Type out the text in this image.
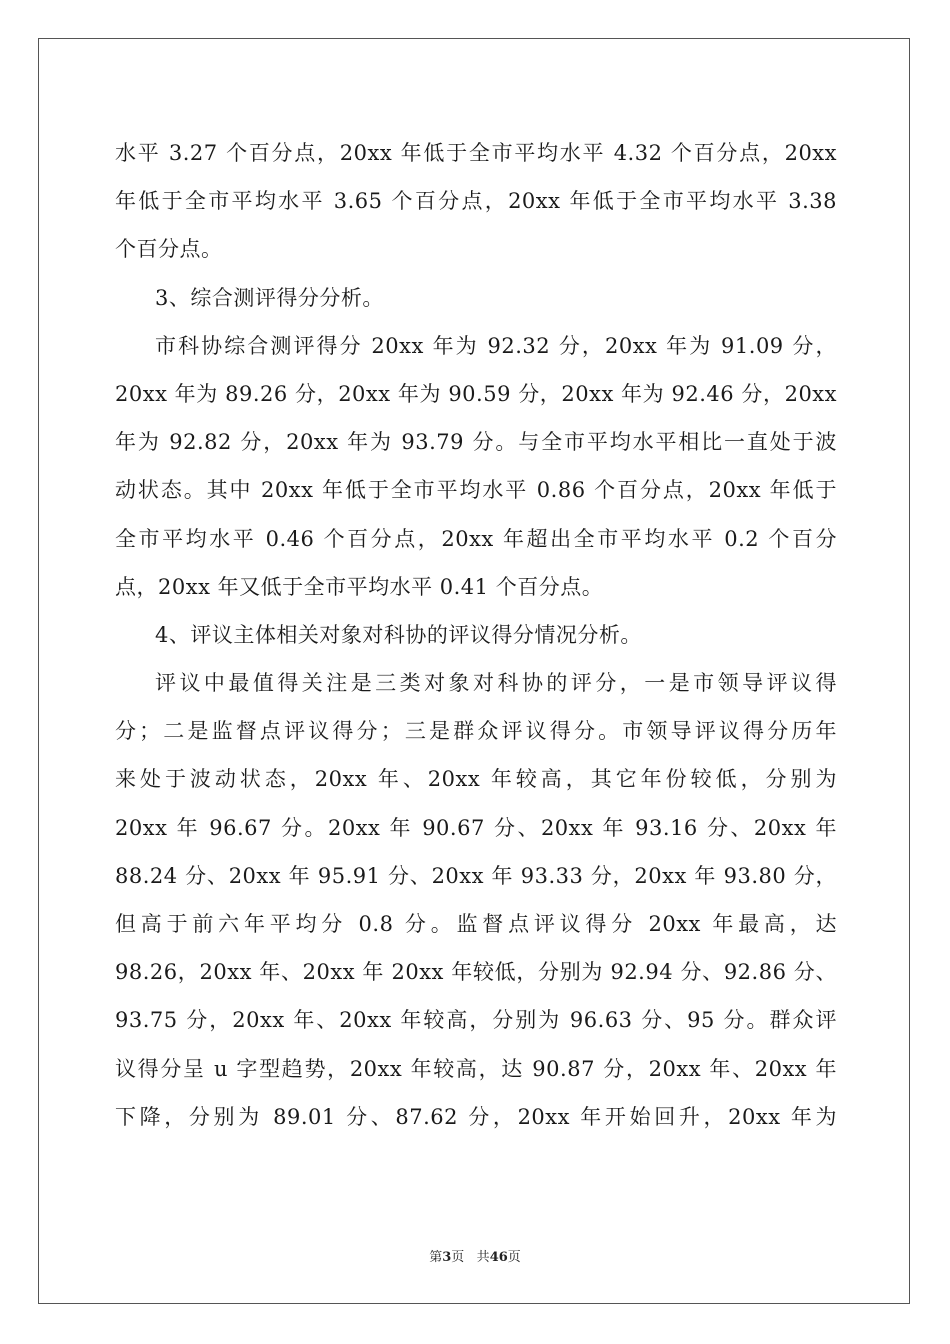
水平 3.27 个百分点，20xx 年低于全市平均水平 4.32 个百分点，20xx
年低于全市平均水平 3.65 个百分点，20xx 年低于全市平均水平 3.38
个百分点。
3、综合测评得分分析。
市科协综合测评得分 20xx 年为 92.32 分，20xx 年为 91.09 分，
20xx 年为 89.26 分，20xx 年为 90.59 分，20xx 年为 92.46 分，20xx
年为 92.82 分，20xx 年为 93.79 分。与全市平均水平相比一直处于波
动状态。其中 20xx 年低于全市平均水平 0.86 个百分点，20xx 年低于
全市平均水平 0.46 个百分点，20xx 年超出全市平均水平 0.2 个百分
点，20xx 年又低于全市平均水平 0.41 个百分点。
4、评议主体相关对象对科协的评议得分情况分析。
评议中最值得关注是三类对象对科协的评分，一是市领导评议得
分；二是监督点评议得分；三是群众评议得分。市领导评议得分历年
来处于波动状态，20xx 年、20xx 年较高，其它年份较低，分别为
20xx 年 96.67 分。20xx 年 90.67 分、20xx 年 93.16 分、20xx 年
88.24 分、20xx 年 95.91 分、20xx 年 93.33 分，20xx 年 93.80 分，
但高于前六年平均分 0.8 分。监督点评议得分 20xx 年最高，达
98.26，20xx 年、20xx 年 20xx 年较低，分别为 92.94 分、92.86 分、
93.75 分，20xx 年、20xx 年较高，分别为 96.63 分、95 分。群众评
议得分呈 u 字型趋势，20xx 年较高，达 90.87 分，20xx 年、20xx 年
下降，分别为 89.01 分、87.62 分，20xx 年开始回升，20xx 年为
第3页 共46页
